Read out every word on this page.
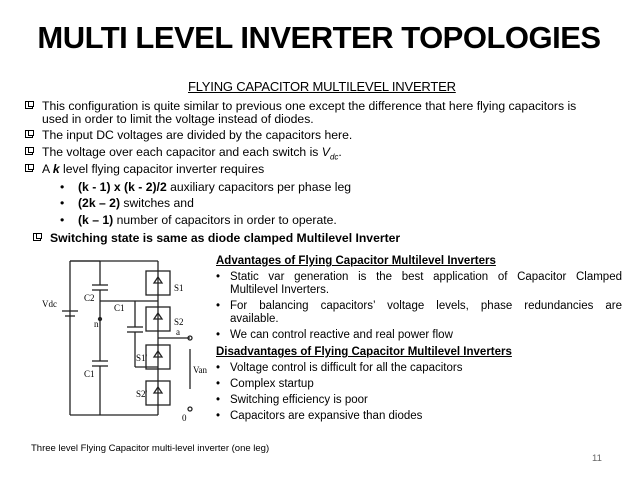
MULTI LEVEL INVERTER TOPOLOGIES
FLYING CAPACITOR MULTILEVEL INVERTER
This configuration is quite similar to previous one except the difference that here flying capacitors is
used in order to limit the voltage instead of diodes.
The input DC voltages are divided by the capacitors here.
The voltage over each capacitor and each switch is $V_{dc}$.
A k level flying capacitor inverter requires
• (k - 1) x (k - 2)/2 auxiliary capacitors per phase leg
• (2k – 2) switches and
• (k – 1) number of capacitors in order to operate.
Switching state is same as diode clamped Multilevel Inverter
Vdc
C2
C1
C1
n
S1
S2
S1'
S2'
a
Van
0
Advantages of Flying Capacitor Multilevel Inverters
• Static var generation is the best application of Capacitor Clamped
Multilevel Inverters.
• For balancing capacitors’ voltage levels, phase redundancies are
available.
• We can control reactive and real power flow
Disadvantages of Flying Capacitor Multilevel Inverters
• Voltage control is difficult for all the capacitors
• Complex startup
• Switching efficiency is poor
• Capacitors are expansive than diodes
Three level Flying Capacitor multi-level inverter (one leg)
11
